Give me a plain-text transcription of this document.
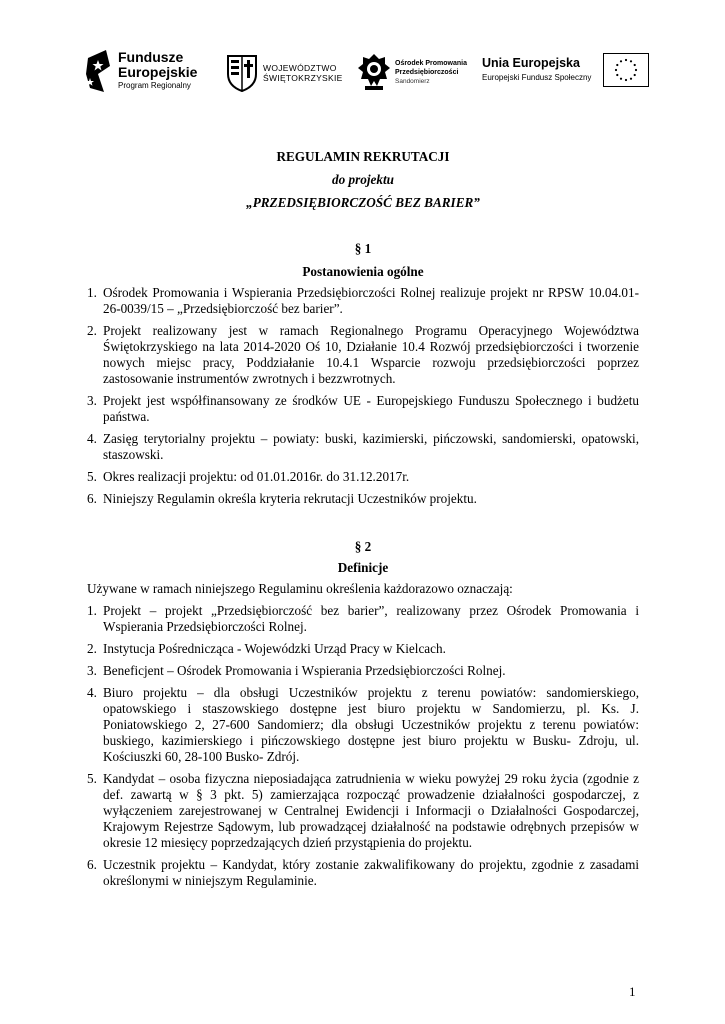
Fundusze
Europejskie
Program Regionalny
WOJEWÓDZTWO
ŚWIĘTOKRZYSKIE
Ośrodek Promowania
Przedsiębiorczości
Sandomierz
Unia Europejska
Europejski Fundusz Społeczny
REGULAMIN REKRUTACJI
do projektu
„PRZEDSIĘBIORCZOŚĆ BEZ BARIER”
§ 1
Postanowienia ogólne
1. Ośrodek Promowania i Wspierania Przedsiębiorczości Rolnej realizuje projekt nr RPSW 10.04.01-26-0039/15 – „Przedsiębiorczość bez barier”.
2. Projekt realizowany jest w ramach Regionalnego Programu Operacyjnego Województwa Świętokrzyskiego na lata 2014-2020 Oś 10, Działanie 10.4 Rozwój przedsiębiorczości i tworzenie nowych miejsc pracy, Poddziałanie 10.4.1 Wsparcie rozwoju przedsiębiorczości poprzez zastosowanie instrumentów zwrotnych i bezzwrotnych.
3. Projekt jest współfinansowany ze środków UE - Europejskiego Funduszu Społecznego i budżetu państwa.
4. Zasięg terytorialny projektu – powiaty: buski, kazimierski, pińczowski, sandomierski, opatowski, staszowski.
5. Okres realizacji projektu: od 01.01.2016r. do 31.12.2017r.
6. Niniejszy Regulamin określa kryteria rekrutacji Uczestników projektu.
§ 2
Definicje
Używane w ramach niniejszego Regulaminu określenia każdorazowo oznaczają:
1. Projekt – projekt „Przedsiębiorczość bez barier”, realizowany przez Ośrodek Promowania i Wspierania Przedsiębiorczości Rolnej.
2. Instytucja Pośrednicząca - Wojewódzki Urząd Pracy w Kielcach.
3. Beneficjent – Ośrodek Promowania i Wspierania Przedsiębiorczości Rolnej.
4. Biuro projektu – dla obsługi Uczestników projektu z terenu powiatów: sandomierskiego, opatowskiego i staszowskiego dostępne jest biuro projektu w Sandomierzu, pl. Ks. J. Poniatowskiego 2, 27-600 Sandomierz; dla obsługi Uczestników projektu z terenu powiatów: buskiego, kazimierskiego i pińczowskiego dostępne jest biuro projektu w Busku- Zdroju, ul. Kościuszki 60, 28-100 Busko- Zdrój.
5. Kandydat – osoba fizyczna nieposiadająca zatrudnienia w wieku powyżej 29 roku życia (zgodnie z def. zawartą w § 3 pkt. 5) zamierzająca rozpocząć prowadzenie działalności gospodarczej, z wyłączeniem zarejestrowanej w Centralnej Ewidencji i Informacji o Działalności Gospodarczej, Krajowym Rejestrze Sądowym, lub prowadzącej działalność na podstawie odrębnych przepisów w okresie 12 miesięcy poprzedzających dzień przystąpienia do projektu.
6. Uczestnik projektu – Kandydat, który zostanie zakwalifikowany do projektu, zgodnie z zasadami określonymi w niniejszym Regulaminie.
1
